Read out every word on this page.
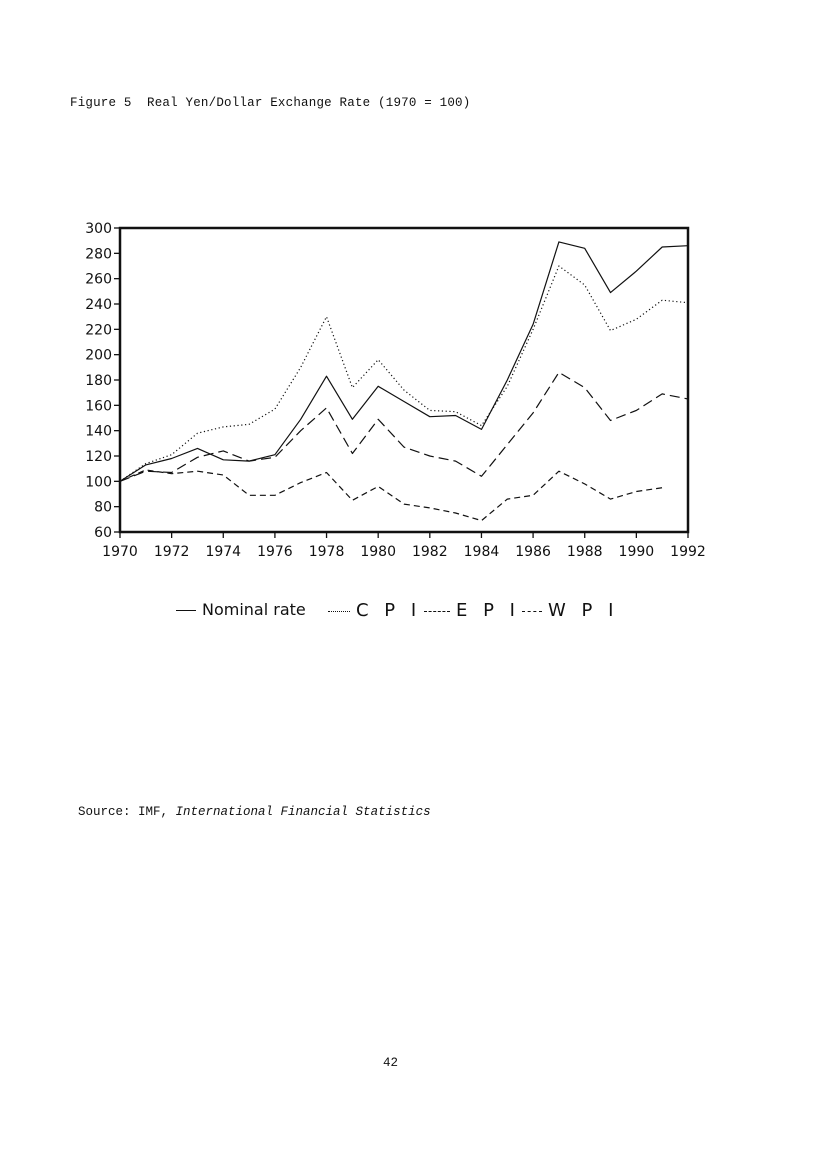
Figure 5  Real Yen/Dollar Exchange Rate (1970 = 100)
60
80
100
120
140
160
180
200
220
240
260
280
300
1970 1972 1974 1976 1978 1980 1982 1984 1986 1988 1990 1992
Nominal rate	C P I	E P I	W P I
Source: IMF, International Financial Statistics
42
